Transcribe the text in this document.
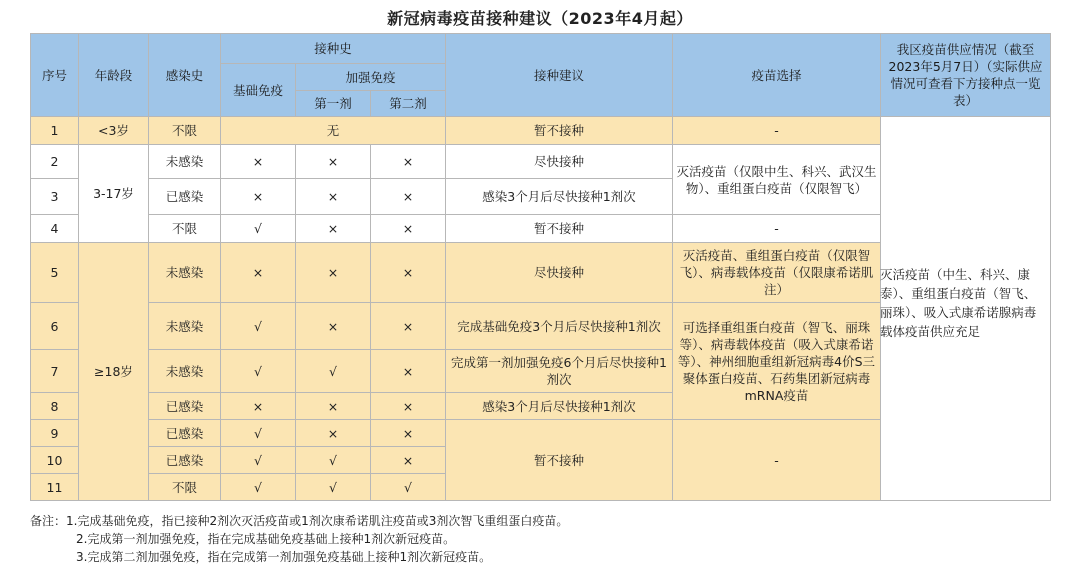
新冠病毒疫苗接种建议（2023年4月起）
序号	年龄段	感染史	接种史			接种建议	疫苗选择	我区疫苗供应情况（截至2023年5月7日）（实际供应情况可查看下方接种点一览表）
			基础免疫	加强免疫				
				第一剂	第二剂			
1	<3岁	不限	无			暂不接种	-	
2	3-17岁	未感染	×	×	×	尽快接种	灭活疫苗（仅限中生、科兴、武汉生物）、重组蛋白疫苗（仅限智飞）	
3		已感染	×	×	×	感染3个月后尽快接种1剂次		
4		不限	√	×	×	暂不接种	-	
5	≥18岁	未感染	×	×	×	尽快接种	灭活疫苗、重组蛋白疫苗（仅限智飞）、病毒载体疫苗（仅限康希诺肌注）	
6		未感染	√	×	×	完成基础免疫3个月后尽快接种1剂次	可选择重组蛋白疫苗（智飞、丽珠等）、病毒载体疫苗（吸入式康希诺等）、神州细胞重组新冠病毒4价S三聚体蛋白疫苗、石药集团新冠病毒mRNA疫苗	
7		未感染	√	√	×	完成第一剂加强免疫6个月后尽快接种1剂次		
8		已感染	×	×	×	感染3个月后尽快接种1剂次		
9		已感染	√	×	×	暂不接种	-	
10		已感染	√	√	×			
11		不限	√	√	√			
灭活疫苗（中生、科兴、康泰）、重组蛋白疫苗（智飞、丽珠）、吸入式康希诺腺病毒载体疫苗供应充足
备注：1.完成基础免疫，指已接种2剂次灭活疫苗或1剂次康希诺肌注疫苗或3剂次智飞重组蛋白疫苗。
2.完成第一剂加强免疫，指在完成基础免疫基础上接种1剂次新冠疫苗。
3.完成第二剂加强免疫，指在完成第一剂加强免疫基础上接种1剂次新冠疫苗。
